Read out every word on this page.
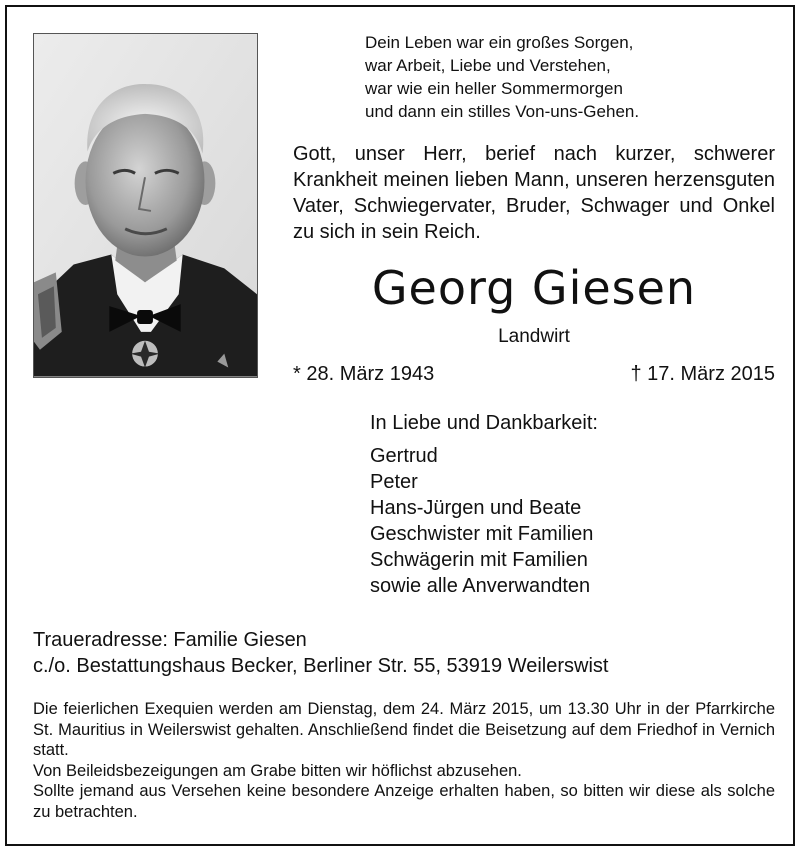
Dein Leben war ein großes Sorgen,
war Arbeit, Liebe und Verstehen,
war wie ein heller Sommermorgen
und dann ein stilles Von-uns-Gehen.
Gott, unser Herr, berief nach kurzer, schwerer Krankheit meinen lieben Mann, unseren herzensguten Vater, Schwiegervater, Bruder, Schwager und Onkel zu sich in sein Reich.
Georg Giesen
Landwirt
* 28. März 1943	† 17. März 2015
In Liebe und Dankbarkeit:
Gertrud
Peter
Hans-Jürgen und Beate
Geschwister mit Familien
Schwägerin mit Familien
sowie alle Anverwandten
Traueradresse: Familie Giesen
c./o. Bestattungshaus Becker, Berliner Str. 55, 53919 Weilerswist

Die feierlichen Exequien werden am Dienstag, dem 24. März 2015, um 13.30 Uhr in der Pfarrkirche St. Mauritius in Weilerswist gehalten. Anschließend findet die Beisetzung auf dem Friedhof in Vernich statt.

Von Beileidsbezeigungen am Grabe bitten wir höflichst abzusehen.

Sollte jemand aus Versehen keine besondere Anzeige erhalten haben, so bitten wir diese als solche zu betrachten.
